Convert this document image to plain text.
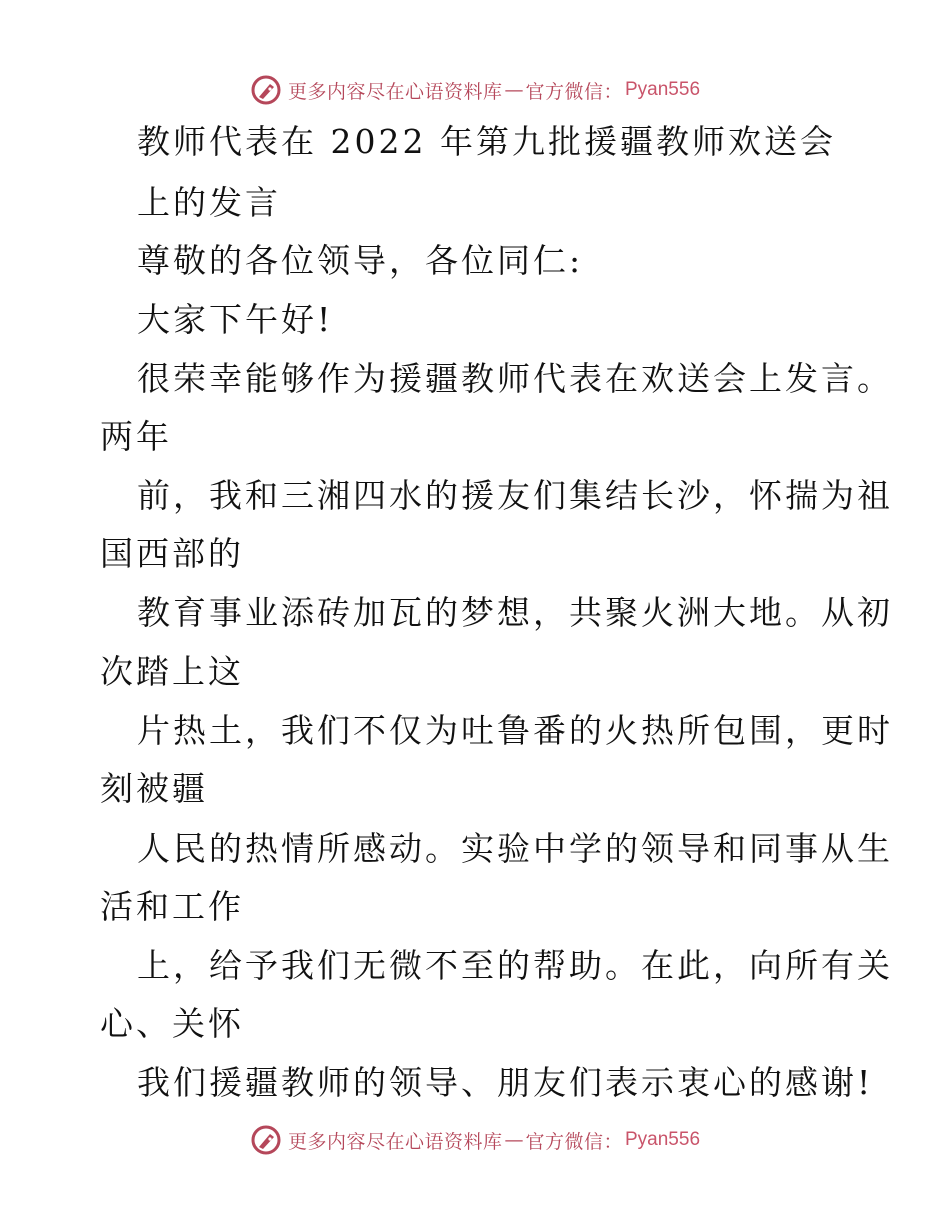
更多内容尽在心语资料库 — 官方微信： Pyan556
教师代表在 2022 年第九批援疆教师欢送会
上的发言
尊敬的各位领导，各位同仁:
大家下午好!
很荣幸能够作为援疆教师代表在欢送会上发言。
两年
前，我和三湘四水的援友们集结长沙，怀揣为祖
国西部的
教育事业添砖加瓦的梦想，共聚火洲大地。从初
次踏上这
片热土，我们不仅为吐鲁番的火热所包围，更时
刻被疆
人民的热情所感动。实验中学的领导和同事从生
活和工作
上，给予我们无微不至的帮助。在此，向所有关
心、关怀
我们援疆教师的领导、朋友们表示衷心的感谢!
更多内容尽在心语资料库 — 官方微信： Pyan556
